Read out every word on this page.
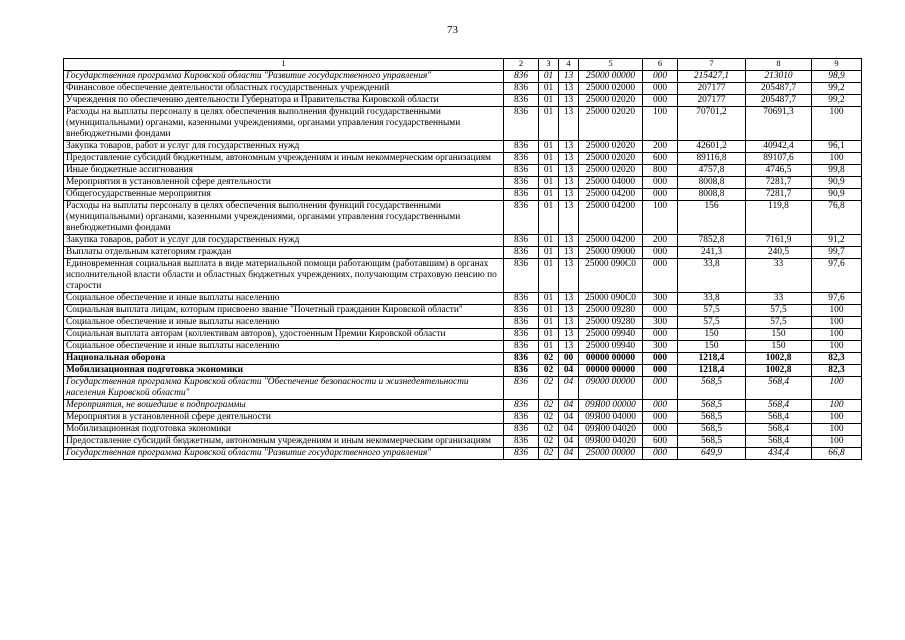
73
1	2	3	4	5	6	7	8	9
Государственная программа Кировской области "Развитие государственного управления"	836	01	13	25000 00000	000	215427,1	213010	98,9
Финансовое обеспечение деятельности областных государственных учреждений	836	01	13	25000 02000	000	207177	205487,7	99,2
Учреждения по обеспечению деятельности Губернатора и Правительства Кировской области	836	01	13	25000 02020	000	207177	205487,7	99,2
Расходы на выплаты персоналу в целях обеспечения выполнения функций государственными (муниципальными) органами, казенными учреждениями, органами управления государственными внебюджетными фондами	836	01	13	25000 02020	100	70701,2	70691,3	100
Закупка товаров, работ и услуг для государственных нужд	836	01	13	25000 02020	200	42601,2	40942,4	96,1
Предоставление субсидий бюджетным, автономным учреждениям и иным некоммерческим организациям	836	01	13	25000 02020	600	89116,8	89107,6	100
Иные бюджетные ассигнования	836	01	13	25000 02020	800	4757,8	4746,5	99,8
Мероприятия в установленной сфере деятельности	836	01	13	25000 04000	000	8008,8	7281,7	90,9
Общегосударственные мероприятия	836	01	13	25000 04200	000	8008,8	7281,7	90,9
Расходы на выплаты персоналу в целях обеспечения выполнения функций государственными (муниципальными) органами, казенными учреждениями, органами управления государственными внебюджетными фондами	836	01	13	25000 04200	100	156	119,8	76,8
Закупка товаров, работ и услуг для государственных нужд	836	01	13	25000 04200	200	7852,8	7161,9	91,2
Выплаты отдельным категориям граждан	836	01	13	25000 09000	000	241,3	240,5	99,7
Единовременная социальная выплата в виде материальной помощи работающим (работавшим) в органах исполнительной власти области и областных бюджетных учреждениях, получающим страховую пенсию по старости	836	01	13	25000 090С0	000	33,8	33	97,6
Социальное обеспечение и иные выплаты населению	836	01	13	25000 090С0	300	33,8	33	97,6
Социальная выплата лицам, которым присвоено звание "Почетный гражданин Кировской области"	836	01	13	25000 09280	000	57,5	57,5	100
Социальное обеспечение и иные выплаты населению	836	01	13	25000 09280	300	57,5	57,5	100
Социальная выплата авторам (коллективам авторов), удостоенным Премии Кировской области	836	01	13	25000 09940	000	150	150	100
Социальное обеспечение и иные выплаты населению	836	01	13	25000 09940	300	150	150	100
Национальная оборона	836	02	00	00000 00000	000	1218,4	1002,8	82,3
Мобилизационная подготовка экономики	836	02	04	00000 00000	000	1218,4	1002,8	82,3
Государственная программа Кировской области "Обеспечение безопасности и жизнедеятельности населения Кировской области"	836	02	04	09000 00000	000	568,5	568,4	100
Мероприятия, не вошедшие в подпрограммы	836	02	04	09Я00 00000	000	568,5	568,4	100
Мероприятия в установленной сфере деятельности	836	02	04	09Я00 04000	000	568,5	568,4	100
Мобилизационная подготовка экономики	836	02	04	09Я00 04020	000	568,5	568,4	100
Предоставление субсидий бюджетным, автономным учреждениям и иным некоммерческим организациям	836	02	04	09Я00 04020	600	568,5	568,4	100
Государственная программа Кировской области "Развитие государственного управления"	836	02	04	25000 00000	000	649,9	434,4	66,8
